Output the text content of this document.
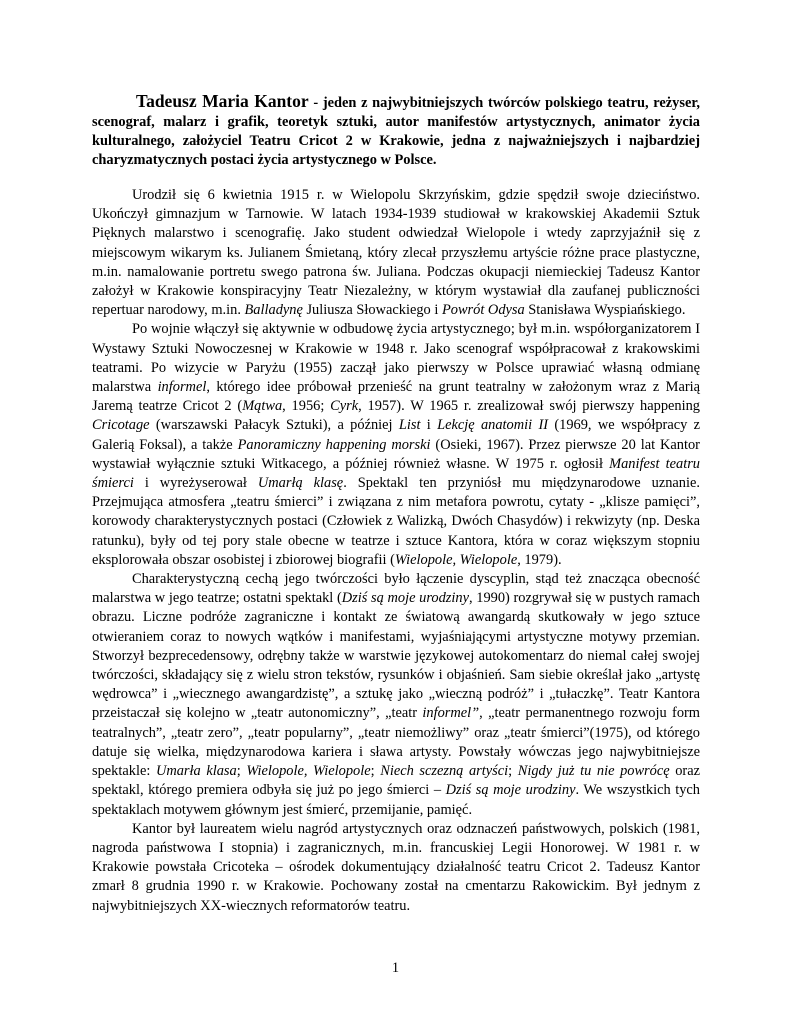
Tadeusz Maria Kantor - jeden z najwybitniejszych twórców polskiego teatru, reżyser, scenograf, malarz i grafik, teoretyk sztuki, autor manifestów artystycznych, animator życia kulturalnego, założyciel Teatru Cricot 2 w Krakowie, jedna z najważniejszych i najbardziej charyzmatycznych postaci życia artystycznego w Polsce.

Urodził się 6 kwietnia 1915 r. w Wielopolu Skrzyńskim, gdzie spędził swoje dzieciństwo. Ukończył gimnazjum w Tarnowie. W latach 1934-1939 studiował w krakowskiej Akademii Sztuk Pięknych malarstwo i scenografię. Jako student odwiedzał Wielopole i wtedy zaprzyjaźnił się z miejscowym wikarym ks. Julianem Śmietaną, który zlecał przyszłemu artyście różne prace plastyczne, m.in. namalowanie portretu swego patrona św. Juliana. Podczas okupacji niemieckiej Tadeusz Kantor założył w Krakowie konspiracyjny Teatr Niezależny, w którym wystawiał dla zaufanej publiczności repertuar narodowy, m.in. Balladynę Juliusza Słowackiego i Powrót Odysa Stanisława Wyspiańskiego.

Po wojnie włączył się aktywnie w odbudowę życia artystycznego; był m.in. współorganizatorem I Wystawy Sztuki Nowoczesnej w Krakowie w 1948 r. Jako scenograf współpracował z krakowskimi teatrami. Po wizycie w Paryżu (1955) zaczął jako pierwszy w Polsce uprawiać własną odmianę malarstwa informel, którego idee próbował przenieść na grunt teatralny w założonym wraz z Marią Jaremą teatrze Cricot 2 (Mątwa, 1956; Cyrk, 1957). W 1965 r. zrealizował swój pierwszy happening Cricotage (warszawski Pałacyk Sztuki), a później List i Lekcję anatomii II (1969, we współpracy z Galerią Foksal), a także Panoramiczny happening morski (Osieki, 1967). Przez pierwsze 20 lat Kantor wystawiał wyłącznie sztuki Witkacego, a później również własne. W 1975 r. ogłosił Manifest teatru śmierci i wyreżyserował Umarłą klasę. Spektakl ten przyniósł mu międzynarodowe uznanie. Przejmująca atmosfera „teatru śmierci” i związana z nim metafora powrotu, cytaty - „klisze pamięci”, korowody charakterystycznych postaci (Człowiek z Walizką, Dwóch Chasydów) i rekwizyty (np. Deska ratunku), były od tej pory stale obecne w teatrze i sztuce Kantora, która w coraz większym stopniu eksplorowała obszar osobistej i zbiorowej biografii (Wielopole, Wielopole, 1979).

Charakterystyczną cechą jego twórczości było łączenie dyscyplin, stąd też znacząca obecność malarstwa w jego teatrze; ostatni spektakl (Dziś są moje urodziny, 1990) rozgrywał się w pustych ramach obrazu. Liczne podróże zagraniczne i kontakt ze światową awangardą skutkowały w jego sztuce otwieraniem coraz to nowych wątków i manifestami, wyjaśniającymi artystyczne motywy przemian. Stworzył bezprecedensowy, odrębny także w warstwie językowej autokomentarz do niemal całej swojej twórczości, składający się z wielu stron tekstów, rysunków i objaśnień. Sam siebie określał jako „artystę wędrowca” i „wiecznego awangardzistę”, a sztukę jako „wieczną podróż” i „tułaczkę”. Teatr Kantora przeistaczał się kolejno w „teatr autonomiczny”, „teatr informel”, „teatr permanentnego rozwoju form teatralnych”, „teatr zero”, „teatr popularny”, „teatr niemożliwy” oraz „teatr śmierci”(1975), od którego datuje się wielka, międzynarodowa kariera i sława artysty. Powstały wówczas jego najwybitniejsze spektakle: Umarła klasa; Wielopole, Wielopole; Niech sczezną artyści; Nigdy już tu nie powrócę oraz spektakl, którego premiera odbyła się już po jego śmierci – Dziś są moje urodziny. We wszystkich tych spektaklach motywem głównym jest śmierć, przemijanie, pamięć.

Kantor był laureatem wielu nagród artystycznych oraz odznaczeń państwowych, polskich (1981, nagroda państwowa I stopnia) i zagranicznych, m.in. francuskiej Legii Honorowej. W 1981 r. w Krakowie powstała Cricoteka – ośrodek dokumentujący działalność teatru Cricot 2. Tadeusz Kantor zmarł 8 grudnia 1990 r. w Krakowie. Pochowany został na cmentarzu Rakowickim. Był jednym z najwybitniejszych XX-wiecznych reformatorów teatru.

1
